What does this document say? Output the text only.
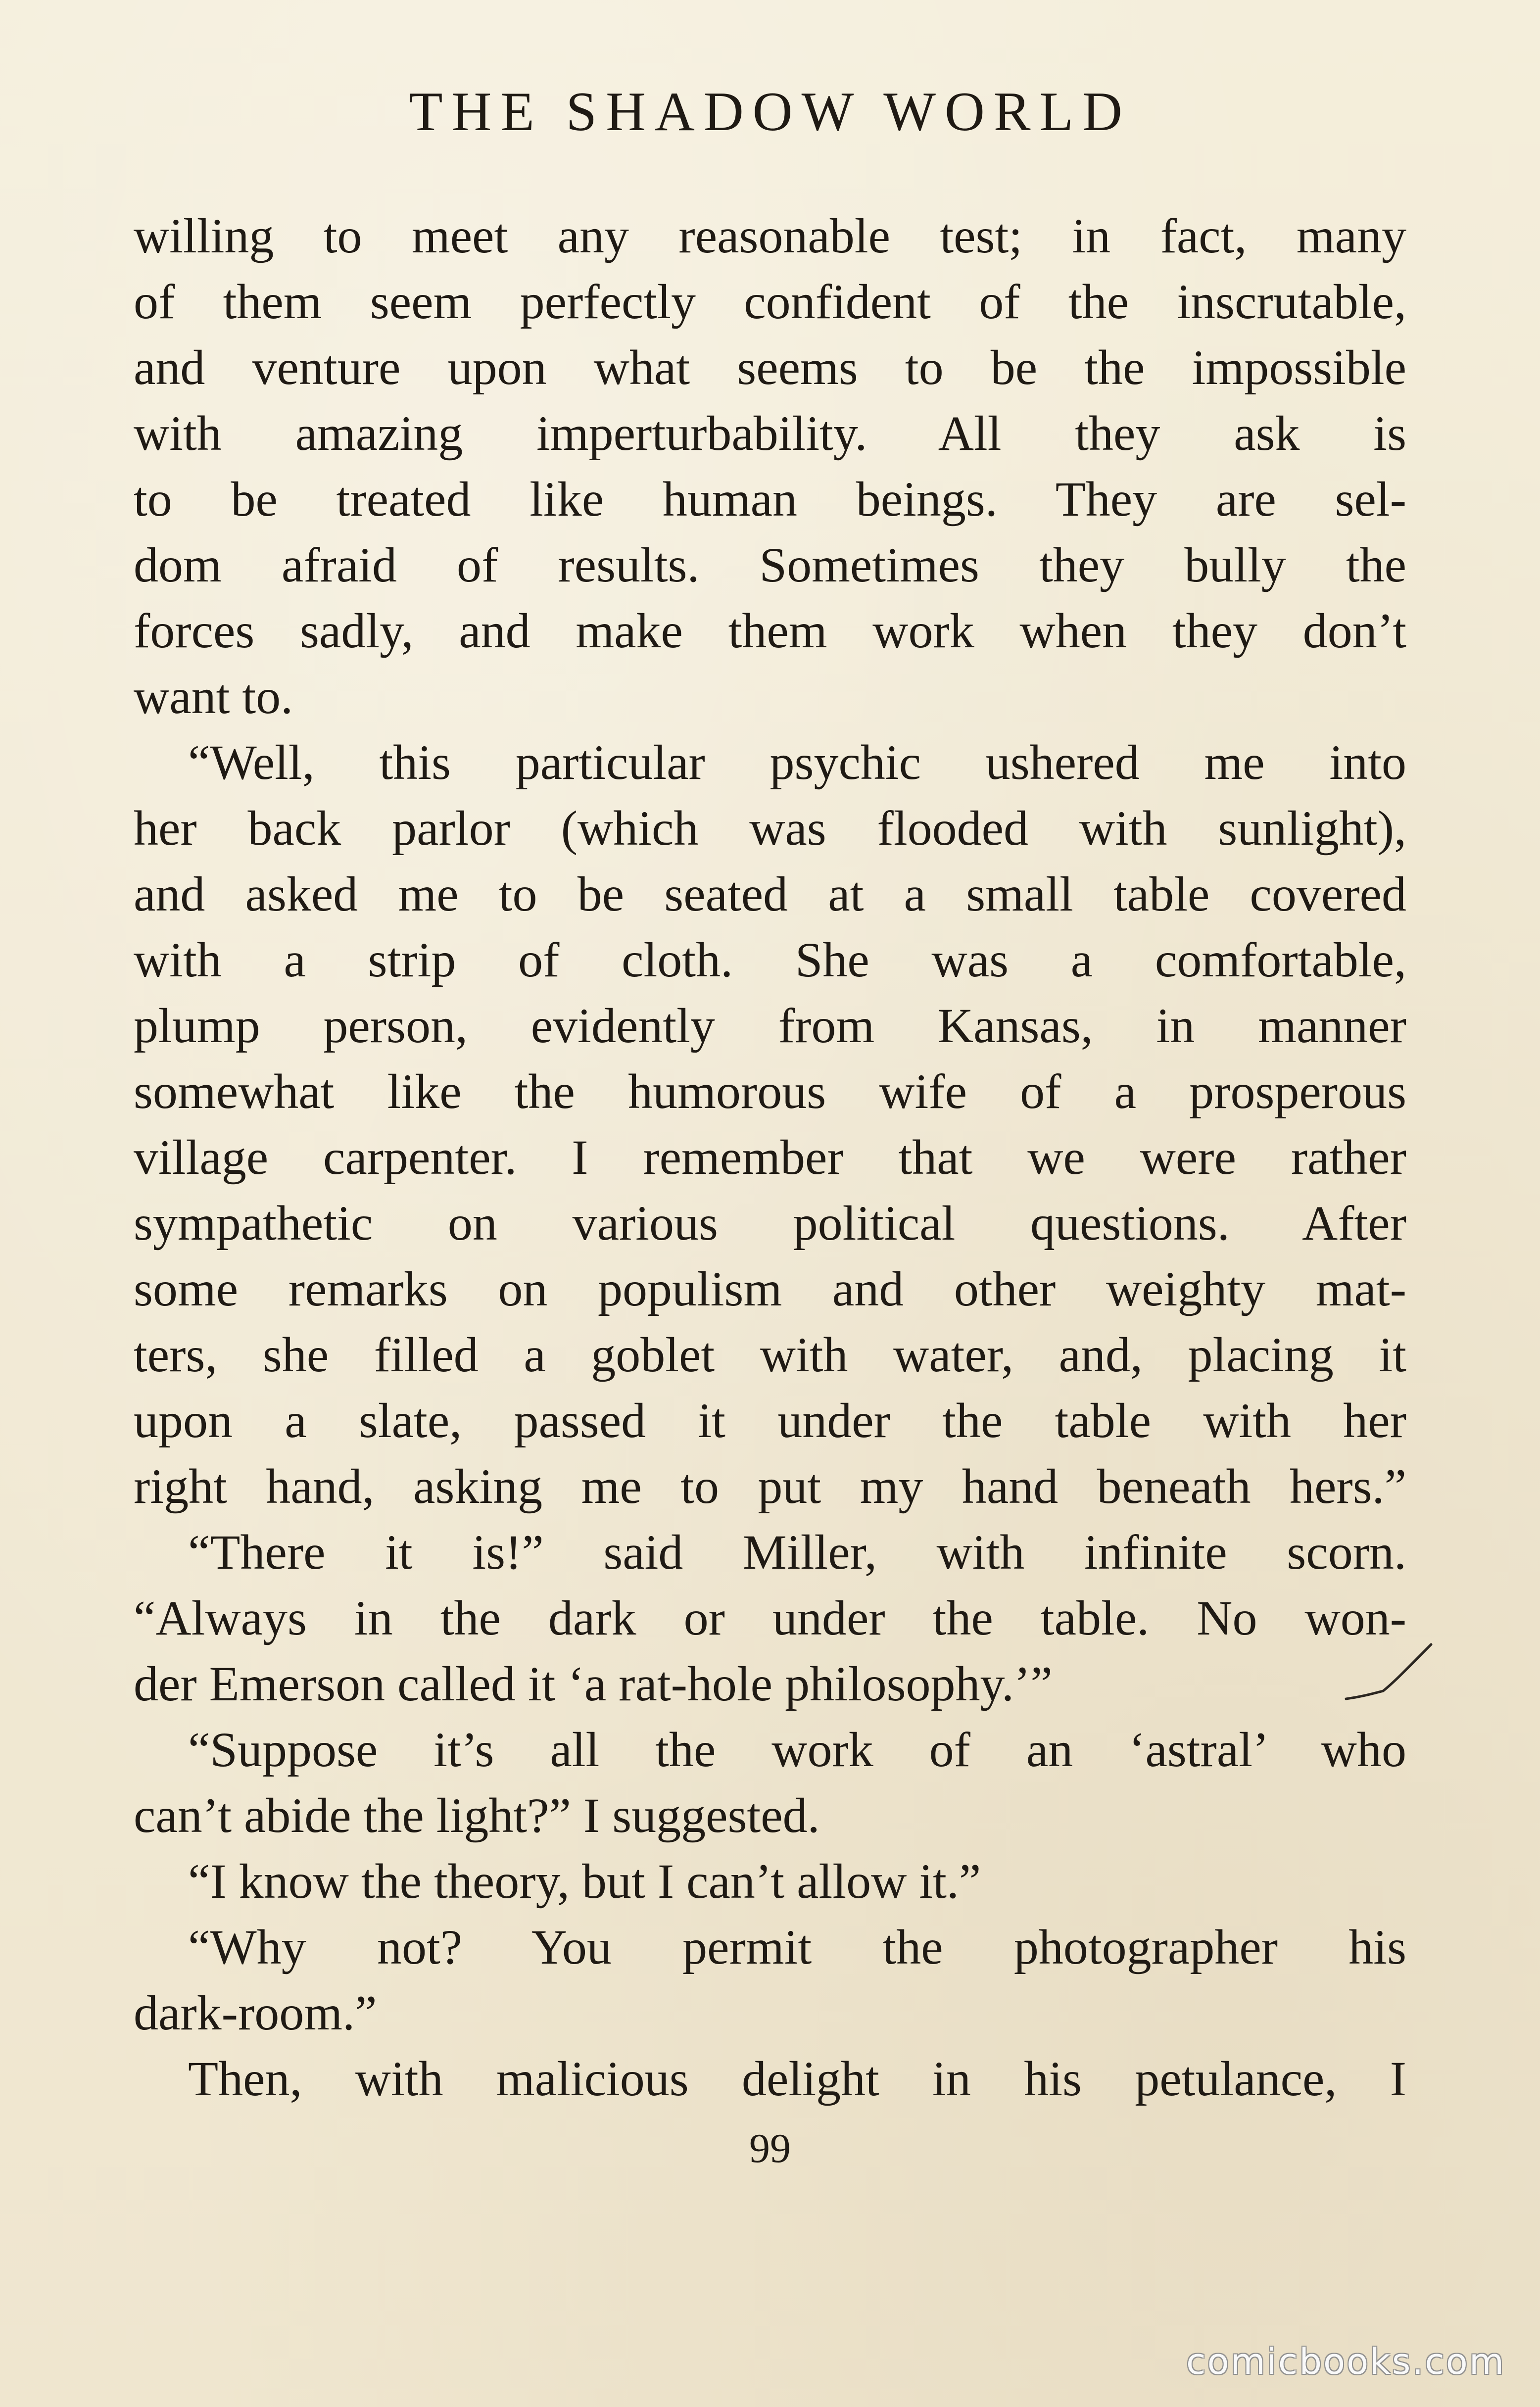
THE SHADOW WORLD
willing to meet any reasonable test; in fact, many
of them seem perfectly confident of the inscrutable,
and venture upon what seems to be the impossible
with amazing imperturbability. All they ask is
to be treated like human beings. They are sel-
dom afraid of results. Sometimes they bully the
forces sadly, and make them work when they don’t
want to.
“Well, this particular psychic ushered me into
her back parlor (which was flooded with sunlight),
and asked me to be seated at a small table covered
with a strip of cloth. She was a comfortable,
plump person, evidently from Kansas, in manner
somewhat like the humorous wife of a prosperous
village carpenter. I remember that we were rather
sympathetic on various political questions. After
some remarks on populism and other weighty mat-
ters, she filled a goblet with water, and, placing it
upon a slate, passed it under the table with her
right hand, asking me to put my hand beneath hers.”
“There it is!” said Miller, with infinite scorn.
“Always in the dark or under the table. No won-
der Emerson called it ‘a rat-hole philosophy.’”
“Suppose it’s all the work of an ‘astral’ who
can’t abide the light?” I suggested.
“I know the theory, but I can’t allow it.”
“Why not? You permit the photographer his
dark-room.”
Then, with malicious delight in his petulance, I
99
comicbooks.com
